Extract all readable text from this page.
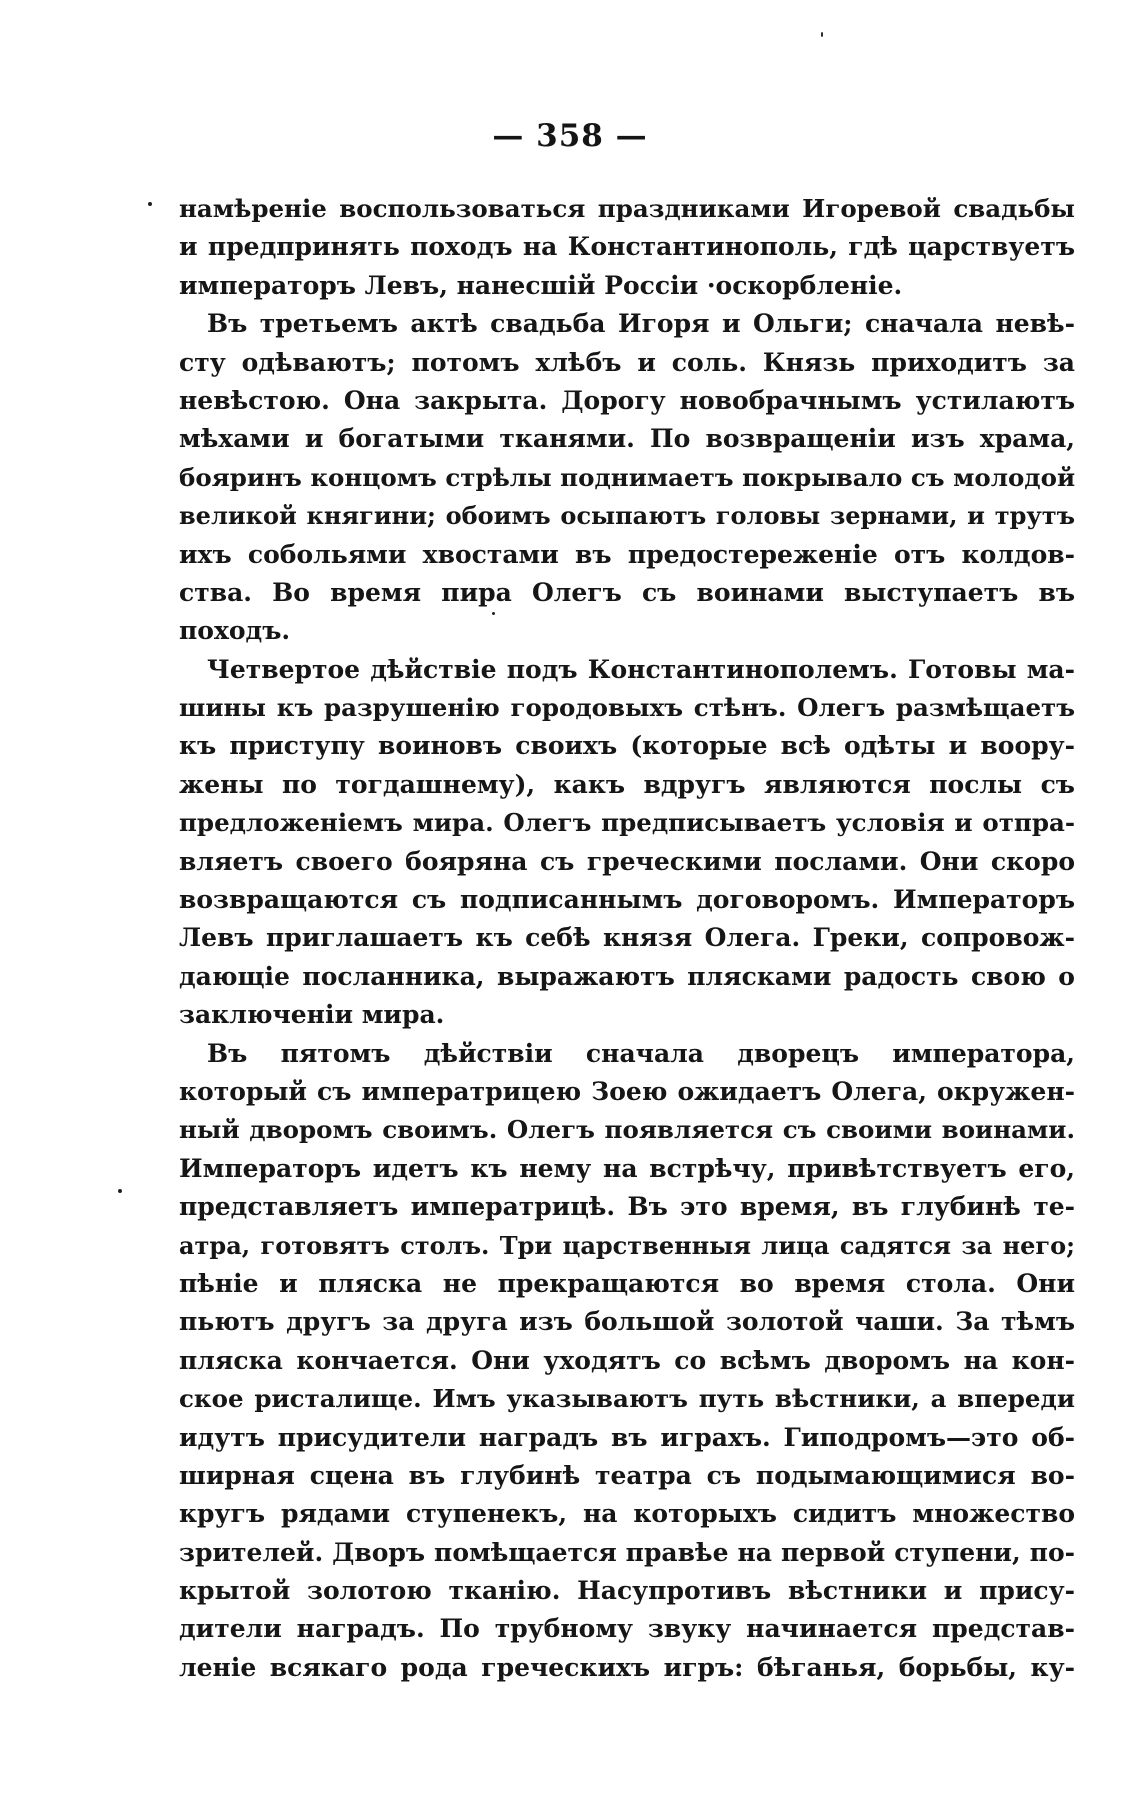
— 358 —
намѣреніе воспользоваться праздниками Игоревой свадьбы
и предпринять походъ на Константинополь, гдѣ царствуетъ
императоръ Левъ, нанесшій Россіи ·оскорбленіе.
Въ третьемъ актѣ свадьба Игоря и Ольги; сначала невѣ-
сту одѣваютъ; потомъ хлѣбъ и соль. Князь приходитъ за
невѣстою. Она закрыта. Дорогу новобрачнымъ устилаютъ
мѣхами и богатыми тканями. По возвращеніи изъ храма,
бояринъ концомъ стрѣлы поднимаетъ покрывало съ молодой
великой княгини; обоимъ осыпаютъ головы зернами, и трутъ
ихъ собольями хвостами въ предостереженіе отъ колдов-
ства. Во время пира Олегъ съ воинами выступаетъ въ
походъ.
Четвертое дѣйствіе подъ Константинополемъ. Готовы ма-
шины къ разрушенію городовыхъ стѣнъ. Олегъ размѣщаетъ
къ приступу воиновъ своихъ (которые всѣ одѣты и воору-
жены по тогдашнему), какъ вдругъ являются послы съ
предложеніемъ мира. Олегъ предписываетъ условія и отпра-
вляетъ своего бояряна съ греческими послами. Они скоро
возвращаются съ подписаннымъ договоромъ. Императоръ
Левъ приглашаетъ къ себѣ князя Олега. Греки, сопровож-
дающіе посланника, выражаютъ плясками радость свою о
заключеніи мира.
Въ пятомъ дѣйствіи сначала дворецъ императора,
который съ императрицею Зоею ожидаетъ Олега, окружен-
ный дворомъ своимъ. Олегъ появляется съ своими воинами.
Императоръ идетъ къ нему на встрѣчу, привѣтствуетъ его,
представляетъ императрицѣ. Въ это время, въ глубинѣ те-
атра, готовятъ столъ. Три царственныя лица садятся за него;
пѣніе и пляска не прекращаются во время стола. Они
пьютъ другъ за друга изъ большой золотой чаши. За тѣмъ
пляска кончается. Они уходятъ со всѣмъ дворомъ на кон-
ское ристалище. Имъ указываютъ путь вѣстники, а впереди
идутъ присудители наградъ въ играхъ. Гиподромъ—это об-
ширная сцена въ глубинѣ театра съ подымающимися во-
кругъ рядами ступенекъ, на которыхъ сидитъ множество
зрителей. Дворъ помѣщается правѣе на первой ступени, по-
крытой золотою тканію. Насупротивъ вѣстники и прису-
дители наградъ. По трубному звуку начинается представ-
леніе всякаго рода греческихъ игръ: бѣганья, борьбы, ку-
